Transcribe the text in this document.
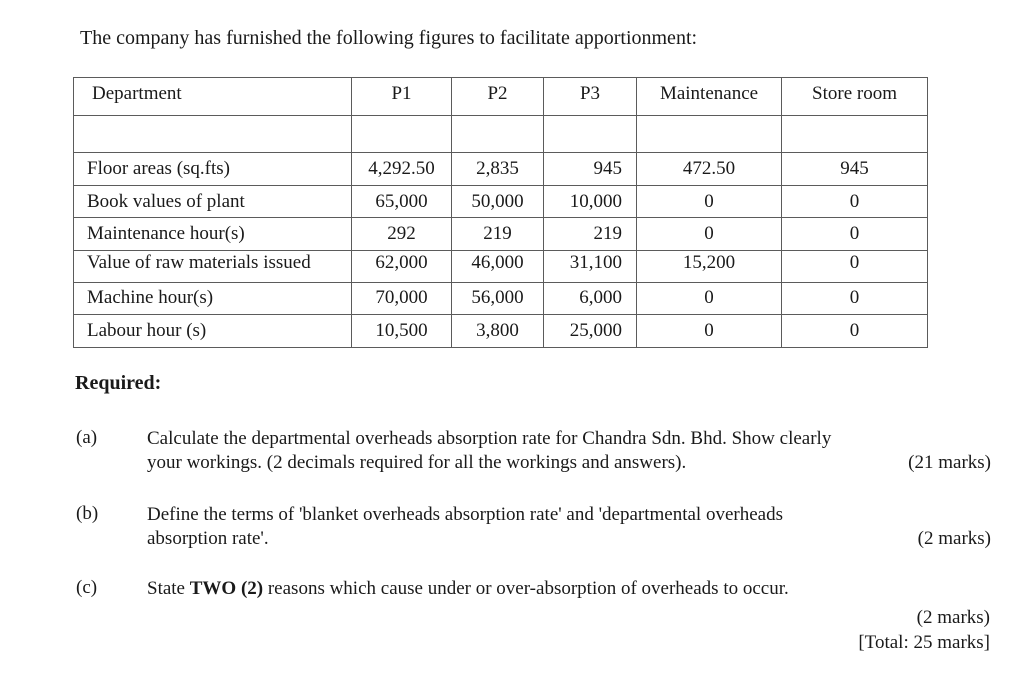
The company has furnished the following figures to facilitate apportionment:
Department	P1	P2	P3	Maintenance	Store room

Floor areas (sq.fts)	4,292.50	2,835	945	472.50	945
Book values of plant	65,000	50,000	10,000	0	0
Maintenance hour(s)	292	219	219	0	0
Value of raw materials issued	62,000	46,000	31,100	15,200	0
Machine hour(s)	70,000	56,000	6,000	0	0
Labour hour (s)	10,500	3,800	25,000	0	0
Required:
(a)	Calculate the departmental overheads absorption rate for Chandra Sdn. Bhd. Show clearly
your workings. (2 decimals required for all the workings and answers).	(21 marks)
(b)	Define the terms of 'blanket overheads absorption rate' and 'departmental overheads
absorption rate'.	(2 marks)
(c)	State TWO (2) reasons which cause under or over-absorption of overheads to occur.
(2 marks)
[Total: 25 marks]
